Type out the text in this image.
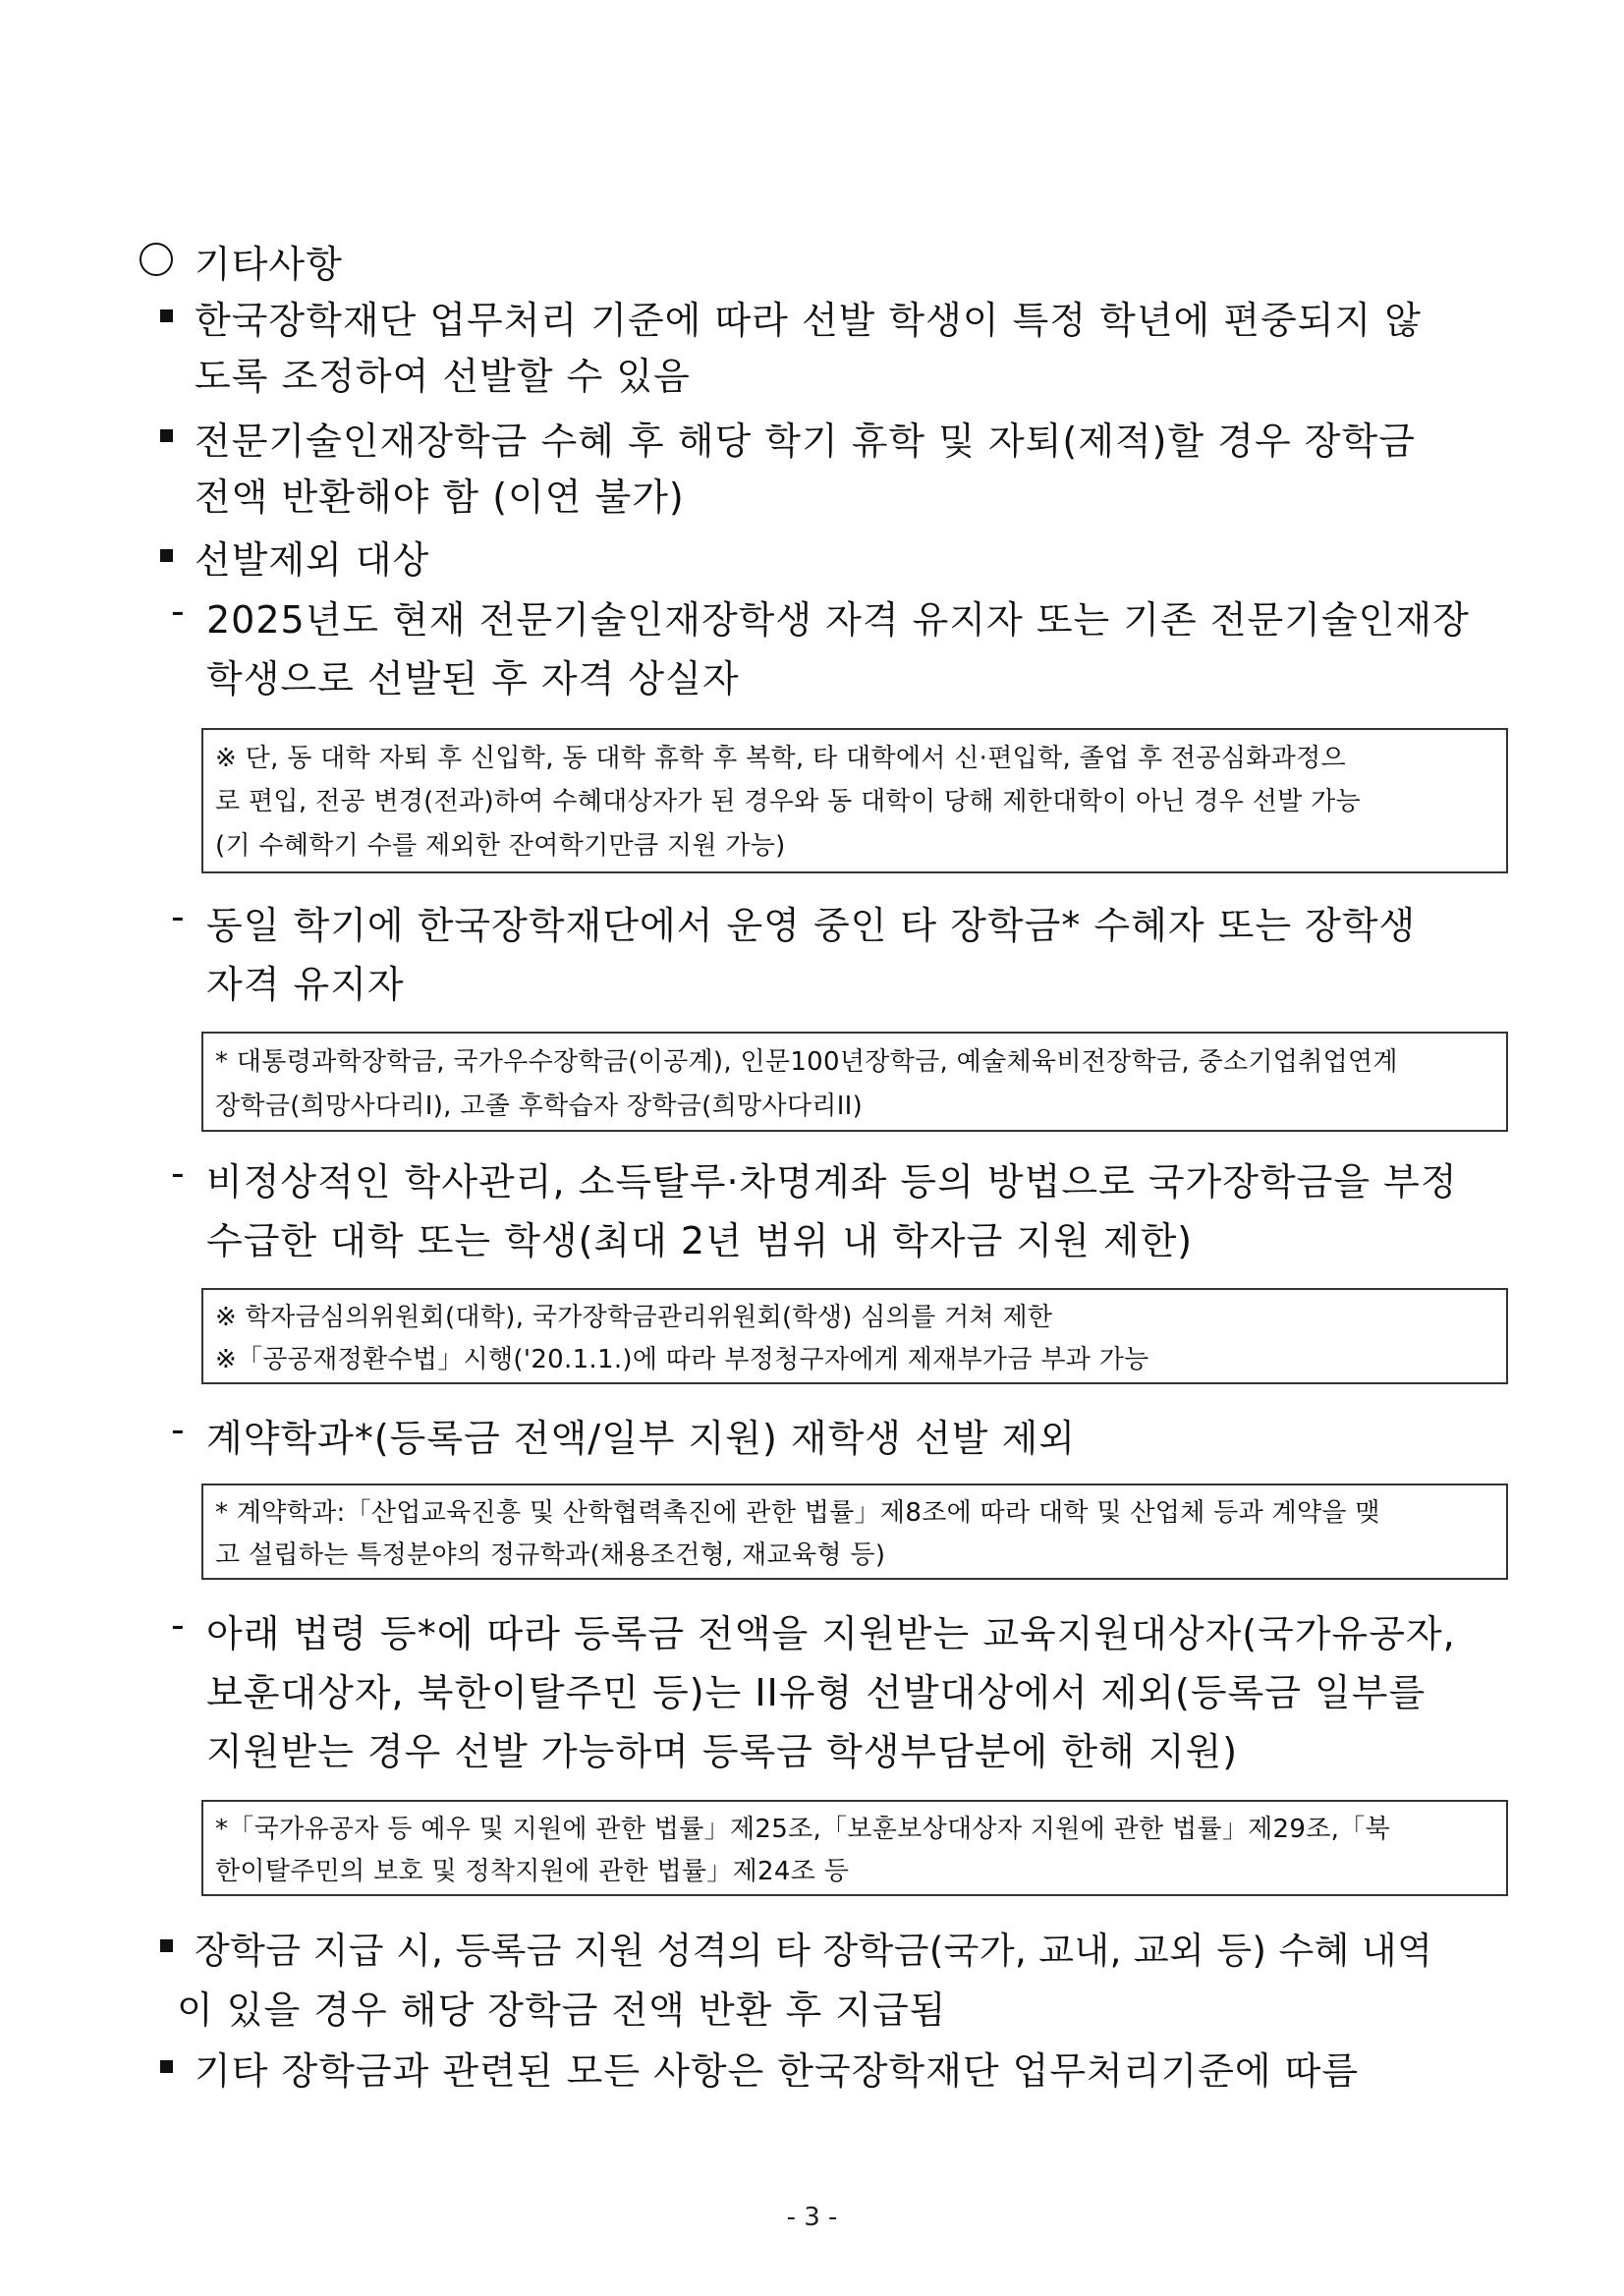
기타사항
한국장학재단 업무처리 기준에 따라 선발 학생이 특정 학년에 편중되지 않
도록 조정하여 선발할 수 있음
전문기술인재장학금 수혜 후 해당 학기 휴학 및 자퇴(제적)할 경우 장학금
전액 반환해야 함 (이연 불가)
선발제외 대상
- 2025년도 현재 전문기술인재장학생 자격 유지자 또는 기존 전문기술인재장
학생으로 선발된 후 자격 상실자
※ 단, 동 대학 자퇴 후 신입학, 동 대학 휴학 후 복학, 타 대학에서 신·편입학, 졸업 후 전공심화과정으
로 편입, 전공 변경(전과)하여 수혜대상자가 된 경우와 동 대학이 당해 제한대학이 아닌 경우 선발 가능
(기 수혜학기 수를 제외한 잔여학기만큼 지원 가능)
- 동일 학기에 한국장학재단에서 운영 중인 타 장학금* 수혜자 또는 장학생
자격 유지자
* 대통령과학장학금, 국가우수장학금(이공계), 인문100년장학금, 예술체육비전장학금, 중소기업취업연계
장학금(희망사다리I), 고졸 후학습자 장학금(희망사다리II)
- 비정상적인 학사관리, 소득탈루·차명계좌 등의 방법으로 국가장학금을 부정
수급한 대학 또는 학생(최대 2년 범위 내 학자금 지원 제한)
※ 학자금심의위원회(대학), 국가장학금관리위원회(학생) 심의를 거쳐 제한
※「공공재정환수법」시행('20.1.1.)에 따라 부정청구자에게 제재부가금 부과 가능
- 계약학과*(등록금 전액/일부 지원) 재학생 선발 제외
* 계약학과:「산업교육진흥 및 산학협력촉진에 관한 법률」제8조에 따라 대학 및 산업체 등과 계약을 맺
고 설립하는 특정분야의 정규학과(채용조건형, 재교육형 등)
- 아래 법령 등*에 따라 등록금 전액을 지원받는 교육지원대상자(국가유공자,
보훈대상자, 북한이탈주민 등)는 II유형 선발대상에서 제외(등록금 일부를
지원받는 경우 선발 가능하며 등록금 학생부담분에 한해 지원)
*「국가유공자 등 예우 및 지원에 관한 법률」제25조,「보훈보상대상자 지원에 관한 법률」제29조,「북
한이탈주민의 보호 및 정착지원에 관한 법률」제24조 등
장학금 지급 시, 등록금 지원 성격의 타 장학금(국가, 교내, 교외 등) 수혜 내역
이 있을 경우 해당 장학금 전액 반환 후 지급됨
기타 장학금과 관련된 모든 사항은 한국장학재단 업무처리기준에 따름
- 3 -
